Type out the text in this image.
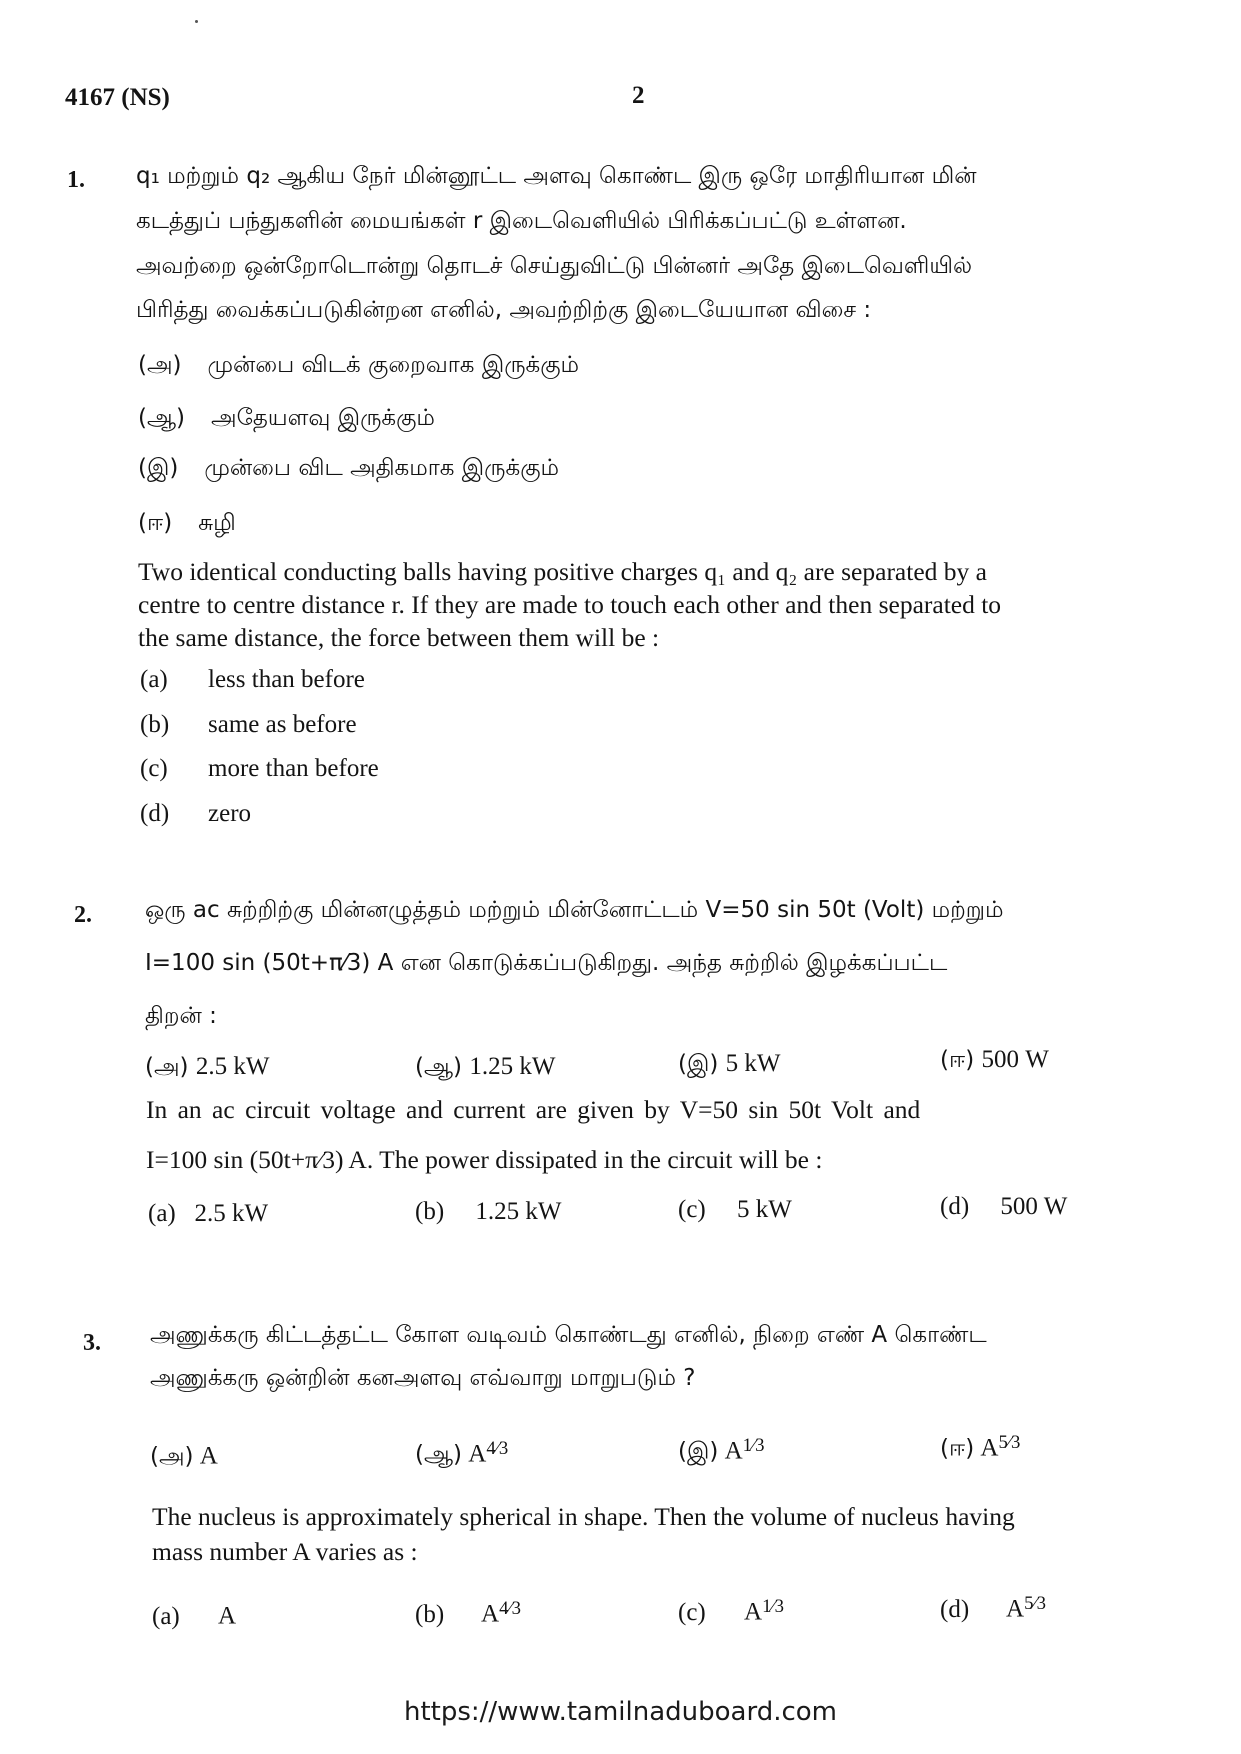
4167 (NS)	2
1. q₁ மற்றும் q₂ ஆகிய நேர் மின்னூட்ட அளவு கொண்ட இரு ஒரே மாதிரியான மின்
கடத்துப் பந்துகளின் மையங்கள் r இடைவெளியில் பிரிக்கப்பட்டு உள்ளன.
அவற்றை ஒன்றோடொன்று தொடச் செய்துவிட்டு பின்னர் அதே இடைவெளியில்
பிரித்து வைக்கப்படுகின்றன எனில், அவற்றிற்கு இடையேயான விசை :
(அ) முன்பை விடக் குறைவாக இருக்கும்
(ஆ) அதேயளவு இருக்கும்
(இ) முன்பை விட அதிகமாக இருக்கும்
(ஈ) சுழி
Two identical conducting balls having positive charges q₁ and q₂ are separated by a
centre to centre distance r. If they are made to touch each other and then separated to
the same distance, the force between them will be :
(a) less than before
(b) same as before
(c) more than before
(d) zero
2. ஒரு ac சுற்றிற்கு மின்னழுத்தம் மற்றும் மின்னோட்டம் V=50 sin 50t (Volt) மற்றும்
I=100 sin (50t+π⁄3) A என கொடுக்கப்படுகிறது. அந்த சுற்றில் இழக்கப்பட்ட
திறன் :
(அ) 2.5 kW	(ஆ) 1.25 kW	(இ) 5 kW	(ஈ) 500 W
In an ac circuit voltage and current are given by V=50 sin 50t Volt and
I=100 sin (50t+π⁄3) A. The power dissipated in the circuit will be :
(a) 2.5 kW	(b) 1.25 kW	(c) 5 kW	(d) 500 W
3. அணுக்கரு கிட்டத்தட்ட கோள வடிவம் கொண்டது எனில், நிறை எண் A கொண்ட
அணுக்கரு ஒன்றின் கனஅளவு எவ்வாறு மாறுபடும் ?
(அ) A	(ஆ) $A^{4⁄3}$	(இ) $A^{1⁄3}$	(ஈ) $A^{5⁄3}$
The nucleus is approximately spherical in shape. Then the volume of nucleus having
mass number A varies as :
(a) A	(b) $A^{4⁄3}$	(c) $A^{1⁄3}$	(d) $A^{5⁄3}$
https://www.tamilnaduboard.com
